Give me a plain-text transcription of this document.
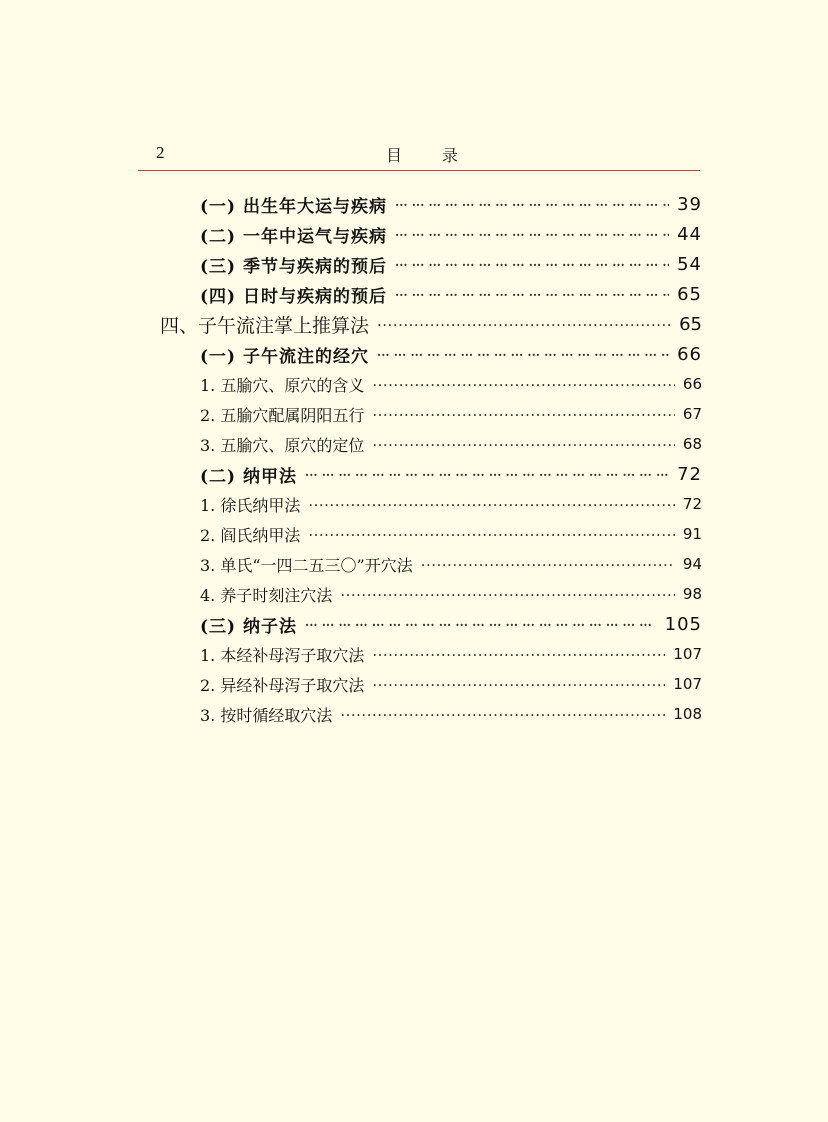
2	目录
(一) 出生年大运与疾病 ···	39
(二) 一年中运气与疾病 ···	44
(三) 季节与疾病的预后 ···	54
(四) 日时与疾病的预后 ···	65
四、子午流注掌上推算法 ·····	65
(一) 子午流注的经穴 ···	66
1. 五腧穴、原穴的含义 ·····	66
2. 五腧穴配属阴阳五行 ·····	67
3. 五腧穴、原穴的定位 ·····	68
(二) 纳甲法 ···	72
1. 徐氏纳甲法 ·····	72
2. 阎氏纳甲法 ·····	91
3. 单氏“一四二五三〇”开穴法 ·····	94
4. 养子时刻注穴法 ·····	98
(三) 纳子法 ···	105
1. 本经补母泻子取穴法 ·····	107
2. 异经补母泻子取穴法 ·····	107
3. 按时循经取穴法 ·····	108
